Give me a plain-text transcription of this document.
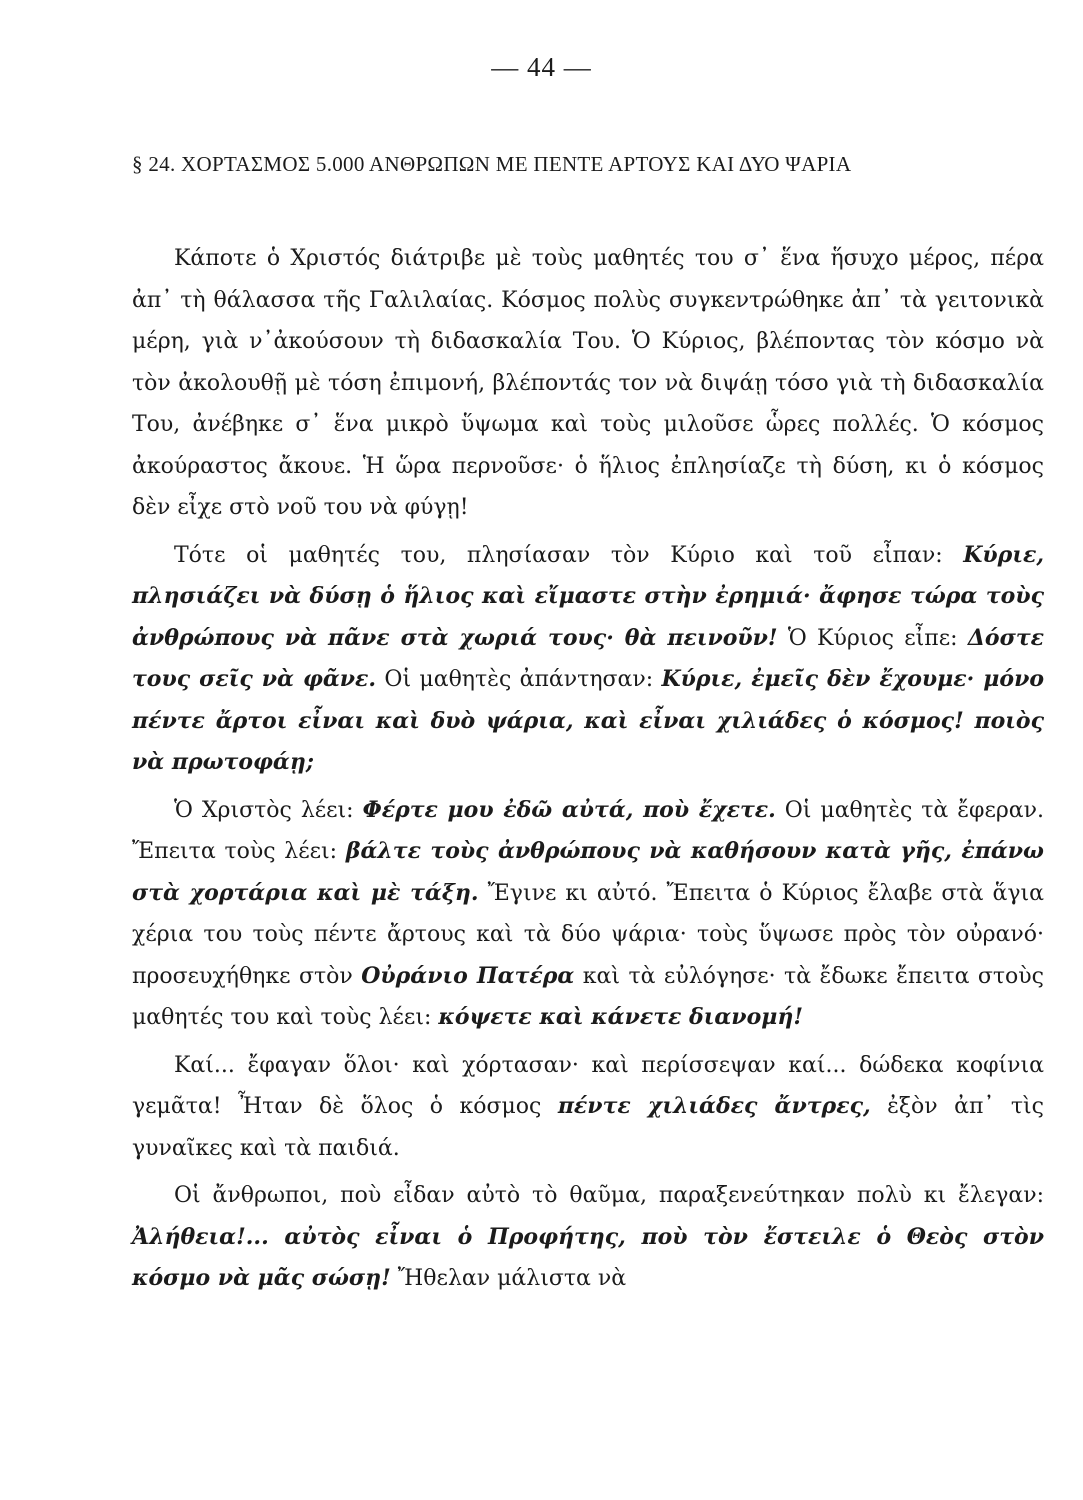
— 44 —
§ 24. ΧΟΡΤΑΣΜΟΣ 5.000 ΑΝΘΡΩΠΩΝ ΜΕ ΠΕΝΤΕ ΑΡΤΟΥΣ ΚΑΙ ΔΥΟ ΨΑΡΙΑ

Κάποτε ὁ Χριστός διάτριβε μὲ τοὺς μαθητές του σ᾽ ἕνα ἥσυχο μέρος, πέρα ἀπ᾽ τὴ θάλασσα τῆς Γαλιλαίας. Κόσμος πολὺς συγκεντρώθηκε ἀπ᾽ τὰ γειτονικὰ μέρη, γιὰ ν᾽ἀκούσουν τὴ διδασκαλία Του. Ὁ Κύριος, βλέποντας τὸν κόσμο νὰ τὸν ἀκολουθῇ μὲ τόση ἐπιμονή, βλέποντάς τον νὰ διψάῃ τόσο γιὰ τὴ διδασκαλία Του, ἀνέβηκε σ᾽ ἕνα μικρὸ ὕψωμα καὶ τοὺς μιλοῦσε ὧρες πολλές. Ὁ κόσμος ἀκούραστος ἄκουε. Ἡ ὥρα περνοῦσε· ὁ ἥλιος ἐπλησίαζε τὴ δύση, κι ὁ κόσμος δὲν εἶχε στὸ νοῦ του νὰ φύγῃ!

Τότε οἱ μαθητές του, πλησίασαν τὸν Κύριο καὶ τοῦ εἶπαν: Κύριε, πλησιάζει νὰ δύσῃ ὁ ἥλιος καὶ εἴμαστε στὴν ἐρημιά· ἄφησε τώρα τοὺς ἀνθρώπους νὰ πᾶνε στὰ χωριά τους· θὰ πεινοῦν! Ὁ Κύριος εἶπε: Δόστε τους σεῖς νὰ φᾶνε. Οἱ μαθητὲς ἀπάντησαν: Κύριε, ἐμεῖς δὲν ἔχουμε· μόνο πέντε ἄρτοι εἶναι καὶ δυὸ ψάρια, καὶ εἶναι χιλιάδες ὁ κόσμος! ποιὸς νὰ πρωτοφάῃ;

Ὁ Χριστὸς λέει: Φέρτε μου ἐδῶ αὐτά, ποὺ ἔχετε. Οἱ μαθητὲς τὰ ἔφεραν. Ἔπειτα τοὺς λέει: βάλτε τοὺς ἀνθρώπους νὰ καθήσουν κατὰ γῆς, ἐπάνω στὰ χορτάρια καὶ μὲ τάξη. Ἔγινε κι αὐτό. Ἔπειτα ὁ Κύριος ἔλαβε στὰ ἅγια χέρια του τοὺς πέντε ἄρτους καὶ τὰ δύο ψάρια· τοὺς ὕψωσε πρὸς τὸν οὐρανό· προσευχήθηκε στὸν Οὐράνιο Πατέρα καὶ τὰ εὐλόγησε· τὰ ἔδωκε ἔπειτα στοὺς μαθητές του καὶ τοὺς λέει: κόψετε καὶ κάνετε διανομή!

Καί... ἔφαγαν ὅλοι· καὶ χόρτασαν· καὶ περίσσεψαν καί... δώδεκα κοφίνια γεμᾶτα! Ἦταν δὲ ὅλος ὁ κόσμος πέντε χιλιάδες ἄντρες, ἐξὸν ἀπ᾽ τὶς γυναῖκες καὶ τὰ παιδιά.

Οἱ ἄνθρωποι, ποὺ εἶδαν αὐτὸ τὸ θαῦμα, παραξενεύτηκαν πολὺ κι ἔλεγαν: Ἀλήθεια!... αὐτὸς εἶναι ὁ Προφήτης, ποὺ τὸν ἔστειλε ὁ Θεὸς στὸν κόσμο νὰ μᾶς σώσῃ! Ἤθελαν μάλιστα νὰ
